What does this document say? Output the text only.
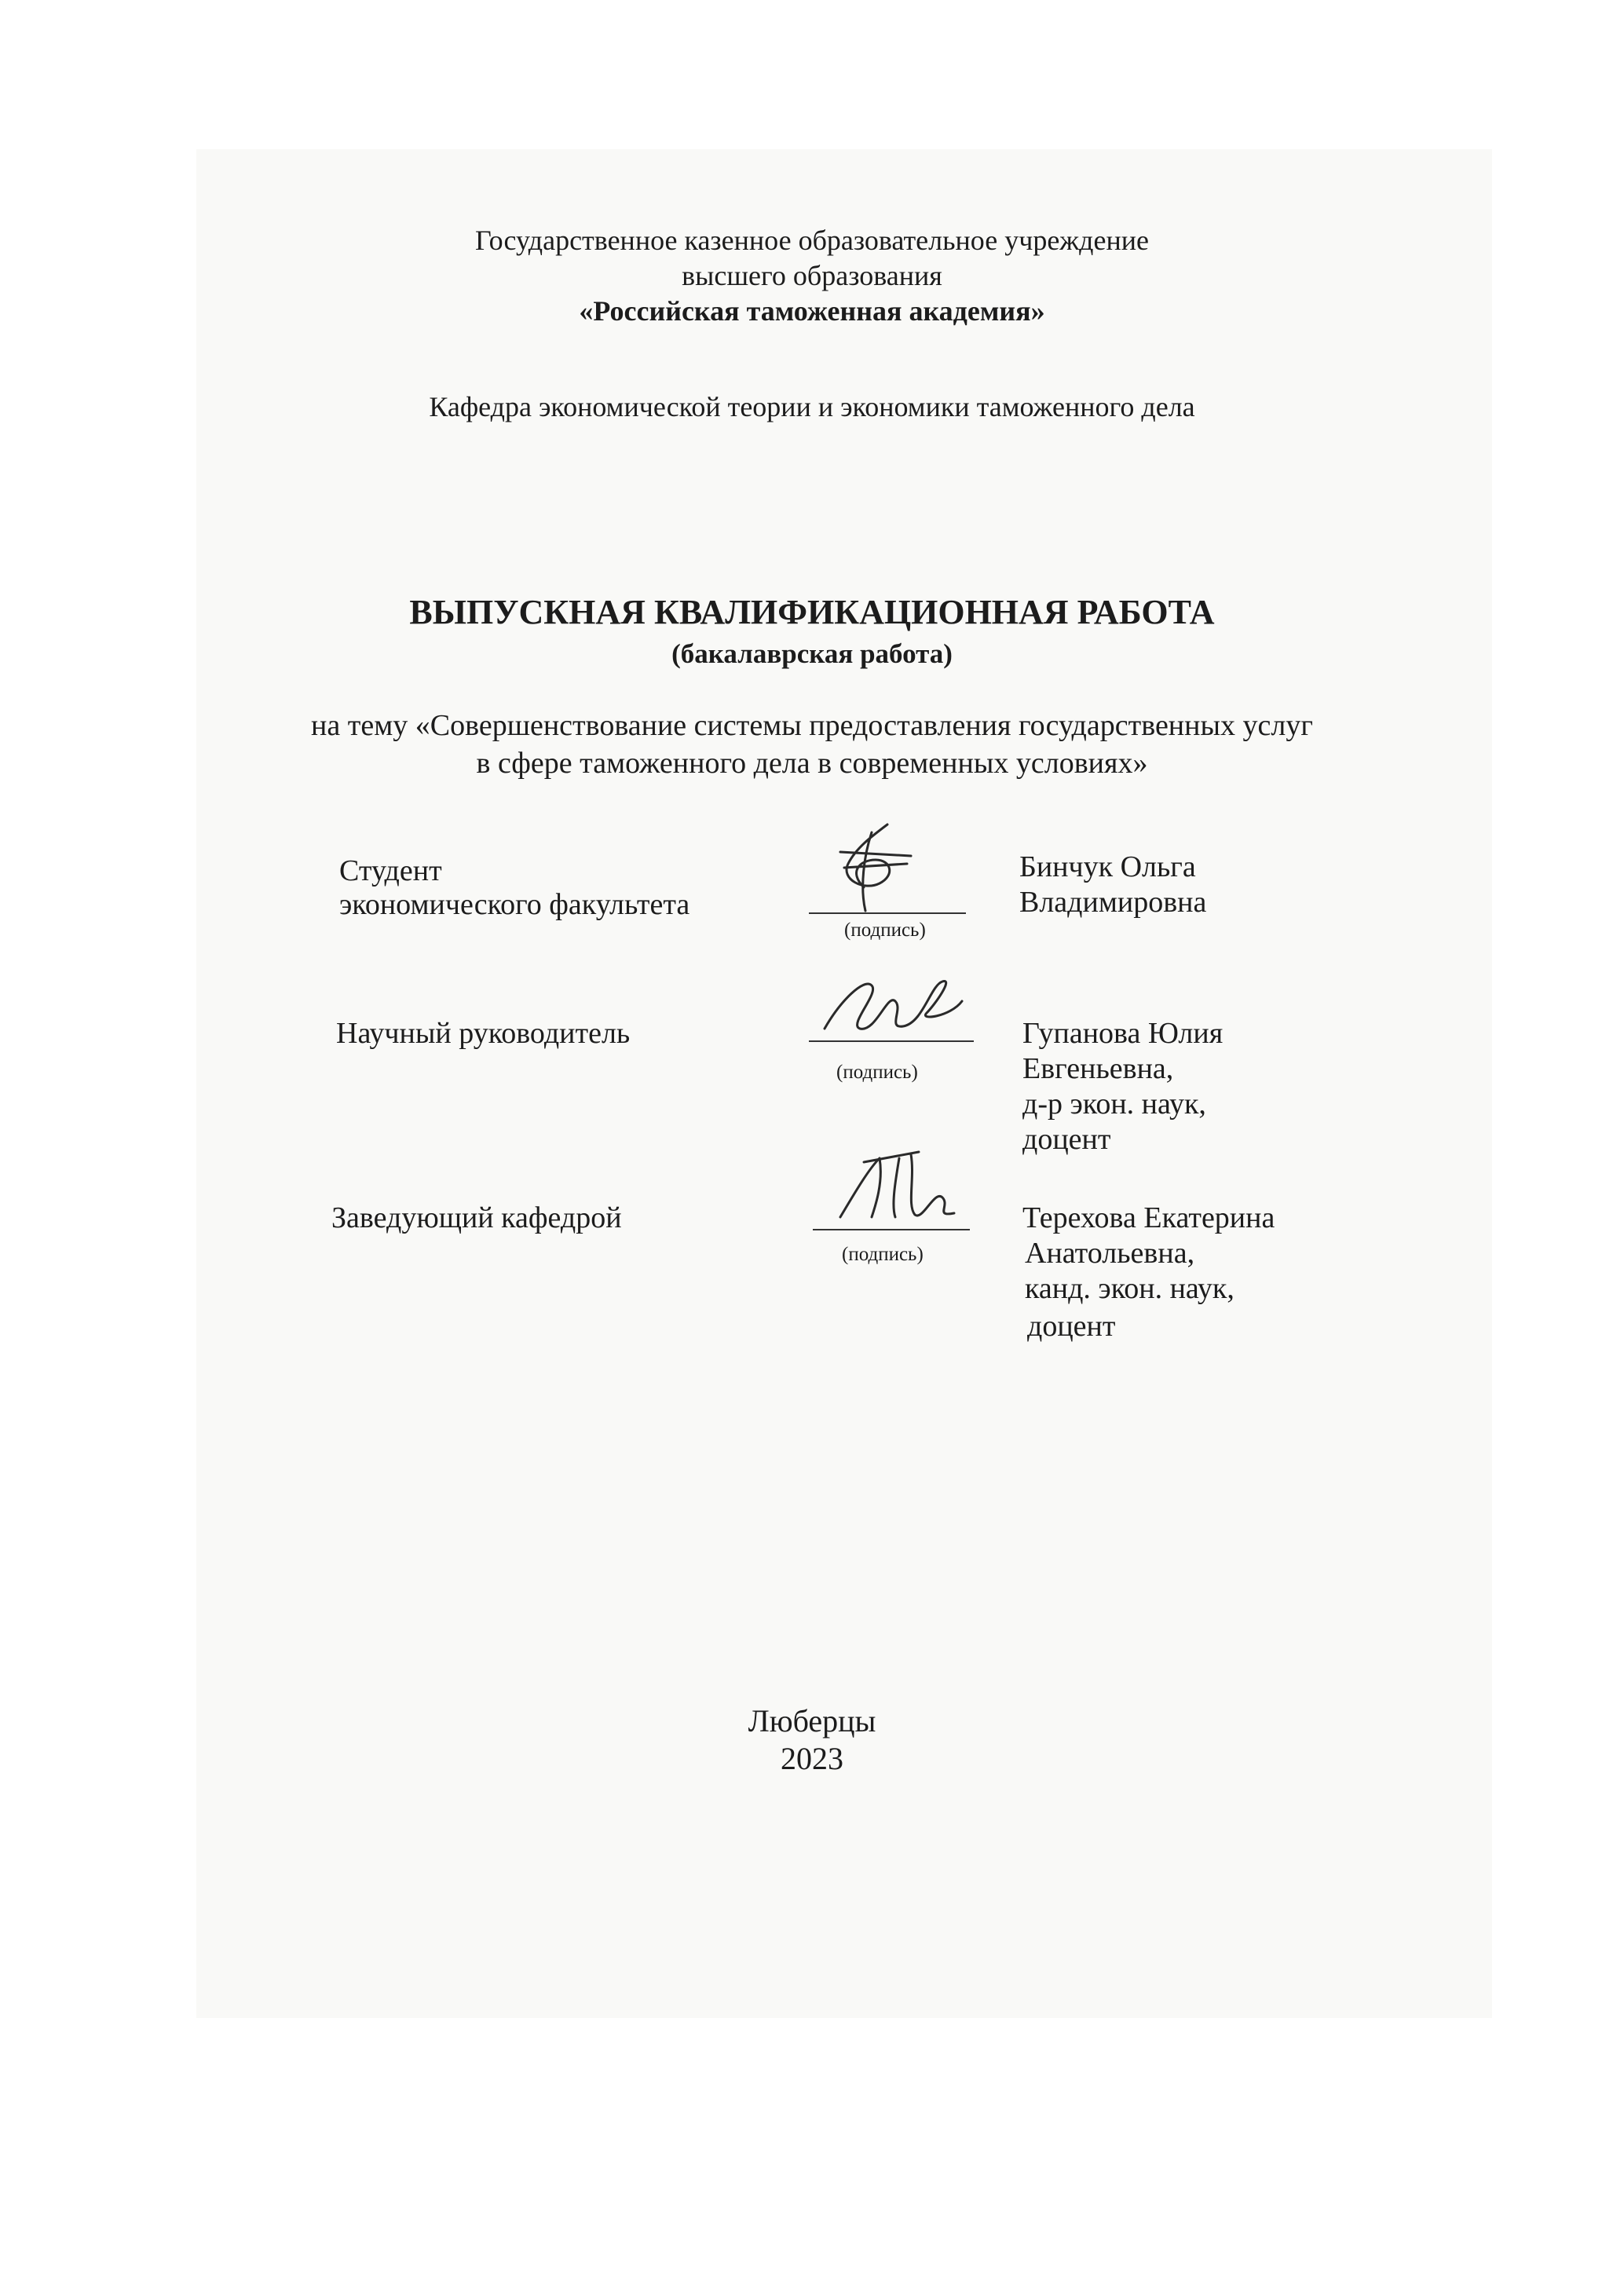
Государственное казенное образовательное учреждение
высшего образования
«Российская таможенная академия»
Кафедра экономической теории и экономики таможенного дела
ВЫПУСКНАЯ КВАЛИФИКАЦИОННАЯ РАБОТА
(бакалаврская работа)
на тему «Совершенствование системы предоставления государственных услуг
в сфере таможенного дела в современных условиях»
Студент
экономического факультета
(подпись)
Бинчук Ольга
Владимировна
Научный руководитель
(подпись)
Гупанова Юлия
Евгеньевна,
д-р экон. наук,
доцент
Заведующий кафедрой
(подпись)
Терехова Екатерина
Анатольевна,
канд. экон. наук,
доцент
Люберцы
2023
